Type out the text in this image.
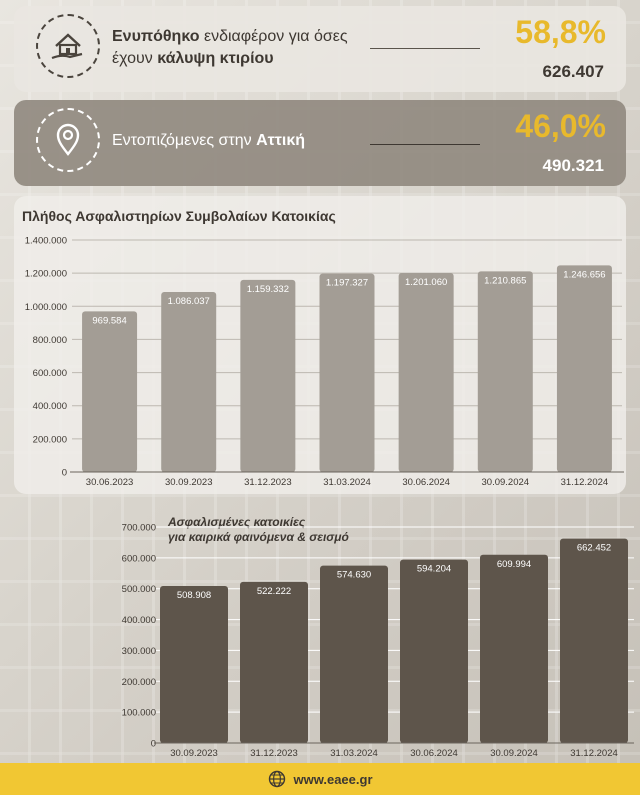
Ενυπόθηκο ενδιαφέρον για όσες έχουν κάλυψη κτιρίου
58,8%
626.407
Εντοπιζόμενες στην Αττική	46,0%
490.321
Πλήθος Ασφαλιστηρίων Συμβολαίων Κατοικίας
0
200.000
400.000
600.000
800.000
1.000.000
1.200.000
1.400.000
969.584
30.06.2023
1.086.037
30.09.2023
1.159.332
31.12.2023
1.197.327
31.03.2024
1.201.060
30.06.2024
1.210.865
30.09.2024
1.246.656
31.12.2024
Ασφαλισμένες κατοικίες
για καιρικά φαινόμενα & σεισμό
0
100.000
200.000
300.000
400.000
500.000
600.000
700.000
508.908
30.09.2023
522.222
31.12.2023
574.630
31.03.2024
594.204
30.06.2024
609.994
30.09.2024
662.452
31.12.2024
www.eaee.gr
